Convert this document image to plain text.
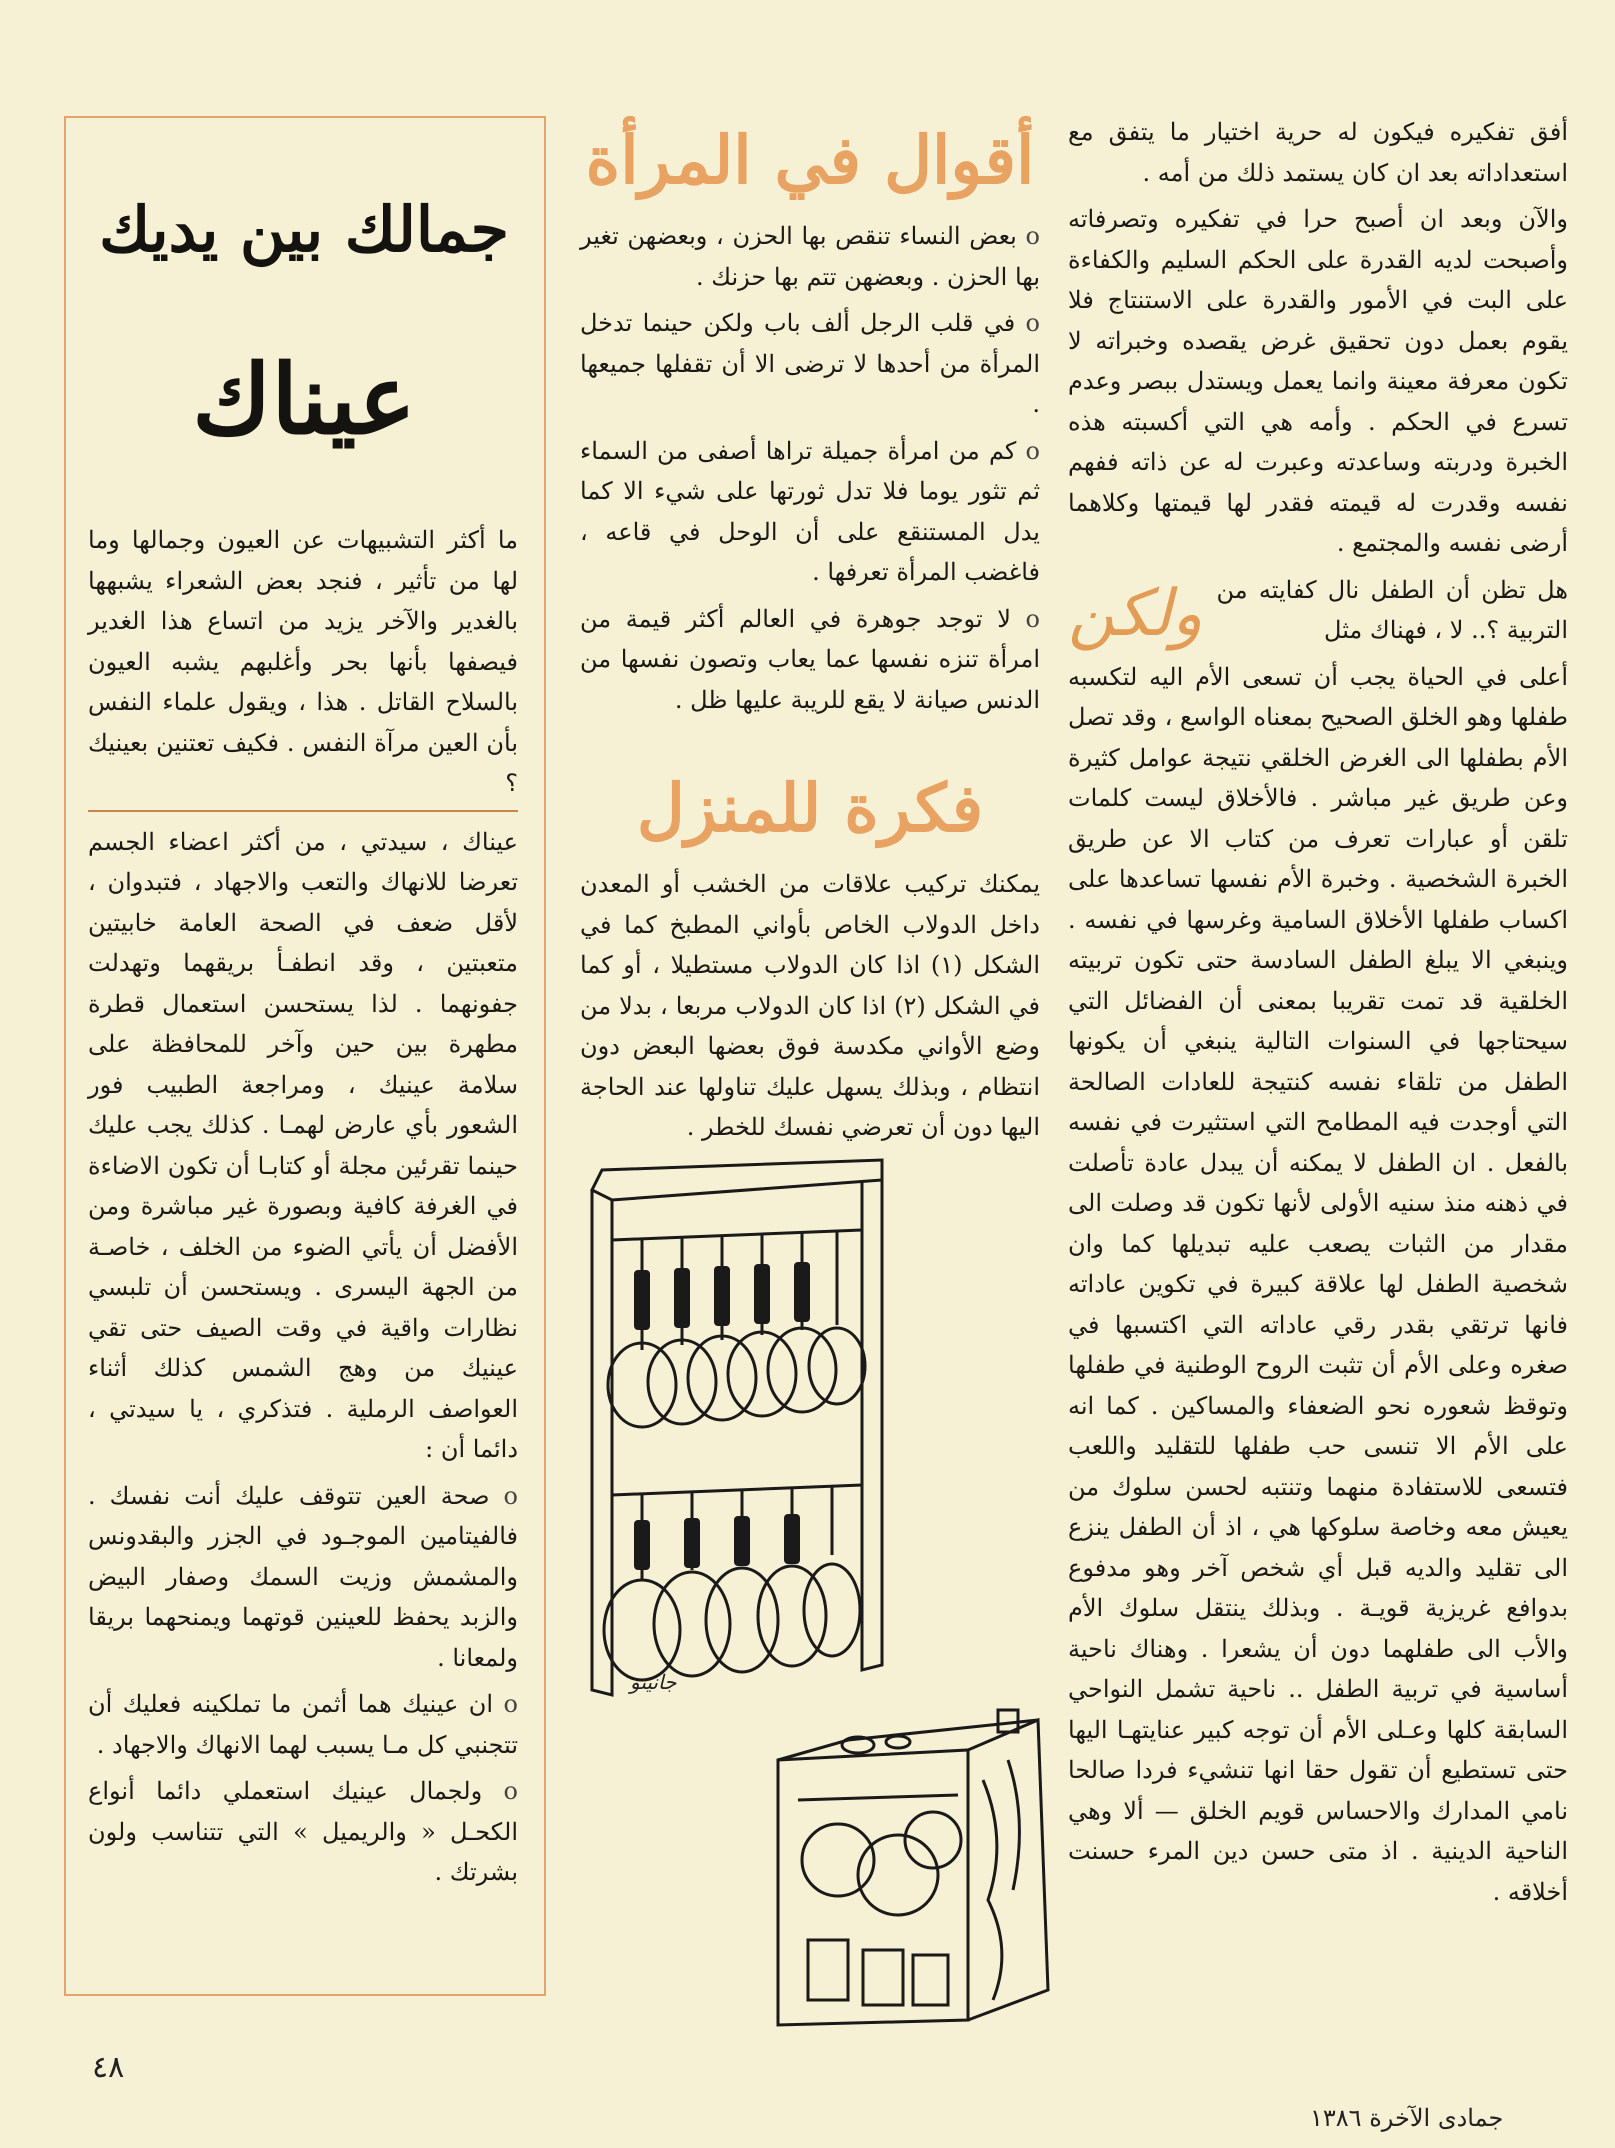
أفق تفكيره فيكون له حرية اختيار ما يتفق مع استعداداته بعد ان كان يستمد ذلك من أمه .

والآن وبعد ان أصبح حرا في تفكيره وتصرفاته وأصبحت لديه القدرة على الحكم السليم والكفاءة على البت في الأمور والقدرة على الاستنتاج فلا يقوم بعمل دون تحقيق غرض يقصده وخبراته لا تكون معرفة معينة وانما يعمل ويستدل ببصر وعدم تسرع في الحكم . وأمه هي التي أكسبته هذه الخبرة ودربته وساعدته وعبرت له عن ذاته ففهم نفسه وقدرت له قيمته فقدر لها قيمتها وكلاهما أرضى نفسه والمجتمع .

ولكن هل تظن أن الطفل نال كفايته من التربية ؟.. لا ، فهناك مثل

أعلى في الحياة يجب أن تسعى الأم اليه لتكسبه طفلها وهو الخلق الصحيح بمعناه الواسع ، وقد تصل الأم بطفلها الى الغرض الخلقي نتيجة عوامل كثيرة وعن طريق غير مباشر . فالأخلاق ليست كلمات تلقن أو عبارات تعرف من كتاب الا عن طريق الخبرة الشخصية . وخبرة الأم نفسها تساعدها على اكساب طفلها الأخلاق السامية وغرسها في نفسه . وينبغي الا يبلغ الطفل السادسة حتى تكون تربيته الخلقية قد تمت تقريبا بمعنى أن الفضائل التي سيحتاجها في السنوات التالية ينبغي أن يكونها الطفل من تلقاء نفسه كنتيجة للعادات الصالحة التي أوجدت فيه المطامح التي استثيرت في نفسه بالفعل . ان الطفل لا يمكنه أن يبدل عادة تأصلت في ذهنه منذ سنيه الأولى لأنها تكون قد وصلت الى مقدار من الثبات يصعب عليه تبديلها كما وان شخصية الطفل لها علاقة كبيرة في تكوين عاداته فانها ترتقي بقدر رقي عاداته التي اكتسبها في صغره وعلى الأم أن تثبت الروح الوطنية في طفلها وتوقظ شعوره نحو الضعفاء والمساكين . كما انه على الأم الا تنسى حب طفلها للتقليد واللعب فتسعى للاستفادة منهما وتنتبه لحسن سلوك من يعيش معه وخاصة سلوكها هي ، اذ أن الطفل ينزع الى تقليد والديه قبل أي شخص آخر وهو مدفوع بدوافع غريزية قويـة . وبذلك ينتقل سلوك الأم والأب الى طفلهما دون أن يشعرا . وهناك ناحية أساسية في تربية الطفل .. ناحية تشمل النواحي السابقة كلها وعـلى الأم أن توجه كبير عنايتهـا اليها حتى تستطيع أن تقول حقا انها تنشيء فردا صالحا نامي المدارك والاحساس قويم الخلق — ألا وهي الناحية الدينية . اذ متى حسن دين المرء حسنت أخلاقه .

أقوال في المرأة

o بعض النساء تنقص بها الحزن ، وبعضهن تغير بها الحزن . وبعضهن تتم بها حزنك .

o في قلب الرجل ألف باب ولكن حينما تدخل المرأة من أحدها لا ترضى الا أن تقفلها جميعها .

o كم من امرأة جميلة تراها أصفى من السماء ثم تثور يوما فلا تدل ثورتها على شيء الا كما يدل المستنقع على أن الوحل في قاعه ، فاغضب المرأة تعرفها .

o لا توجد جوهرة في العالم أكثر قيمة من امرأة تنزه نفسها عما يعاب وتصون نفسها من الدنس صيانة لا يقع للريبة عليها ظل .

فكرة للمنزل

يمكنك تركيب علاقات من الخشب أو المعدن داخل الدولاب الخاص بأواني المطبخ كما في الشكل (١) اذا كان الدولاب مستطيلا ، أو كما في الشكل (٢) اذا كان الدولاب مربعا ، بدلا من وضع الأواني مكدسة فوق بعضها البعض دون انتظام ، وبذلك يسهل عليك تناولها عند الحاجة اليها دون أن تعرضي نفسك للخطر .

جانيتو
جمالك بين يديك
عيناك

ما أكثر التشبيهات عن العيون وجمالها وما لها من تأثير ، فنجد بعض الشعراء يشبهها بالغدير والآخر يزيد من اتساع هذا الغدير فيصفها بأنها بحر وأغلبهم يشبه العيون بالسلاح القاتل . هذا ، ويقول علماء النفس بأن العين مرآة النفس . فكيف تعتنين بعينيك ؟

عيناك ، سيدتي ، من أكثر اعضاء الجسم تعرضا للانهاك والتعب والاجهاد ، فتبدوان ، لأقل ضعف في الصحة العامة خابيتين متعبتين ، وقد انطفـأ بريقهما وتهدلت جفونهما . لذا يستحسن استعمال قطرة مطهرة بين حين وآخر للمحافظة على سلامة عينيك ، ومراجعة الطبيب فور الشعور بأي عارض لهمـا . كذلك يجب عليك حينما تقرئين مجلة أو كتابـا أن تكون الاضاءة في الغرفة كافية وبصورة غير مباشرة ومن الأفضل أن يأتي الضوء من الخلف ، خاصـة من الجهة اليسرى . ويستحسن أن تلبسي نظارات واقية في وقت الصيف حتى تقي عينيك من وهج الشمس كذلك أثناء العواصف الرملية . فتذكري ، يا سيدتي ، دائما أن :

o صحة العين تتوقف عليك أنت نفسك . فالفيتامين الموجـود في الجزر والبقدونس والمشمش وزيت السمك وصفار البيض والزبد يحفظ للعينين قوتهما ويمنحهما بريقا ولمعانا .

o ان عينيك هما أثمن ما تملكينه فعليك أن تتجنبي كل مـا يسبب لهما الانهاك والاجهاد .

o ولجمال عينيك استعملي دائما أنواع الكحـل « والريميل » التي تتناسب ولون بشرتك .

٤٨
جمادى الآخرة ١٣٨٦
